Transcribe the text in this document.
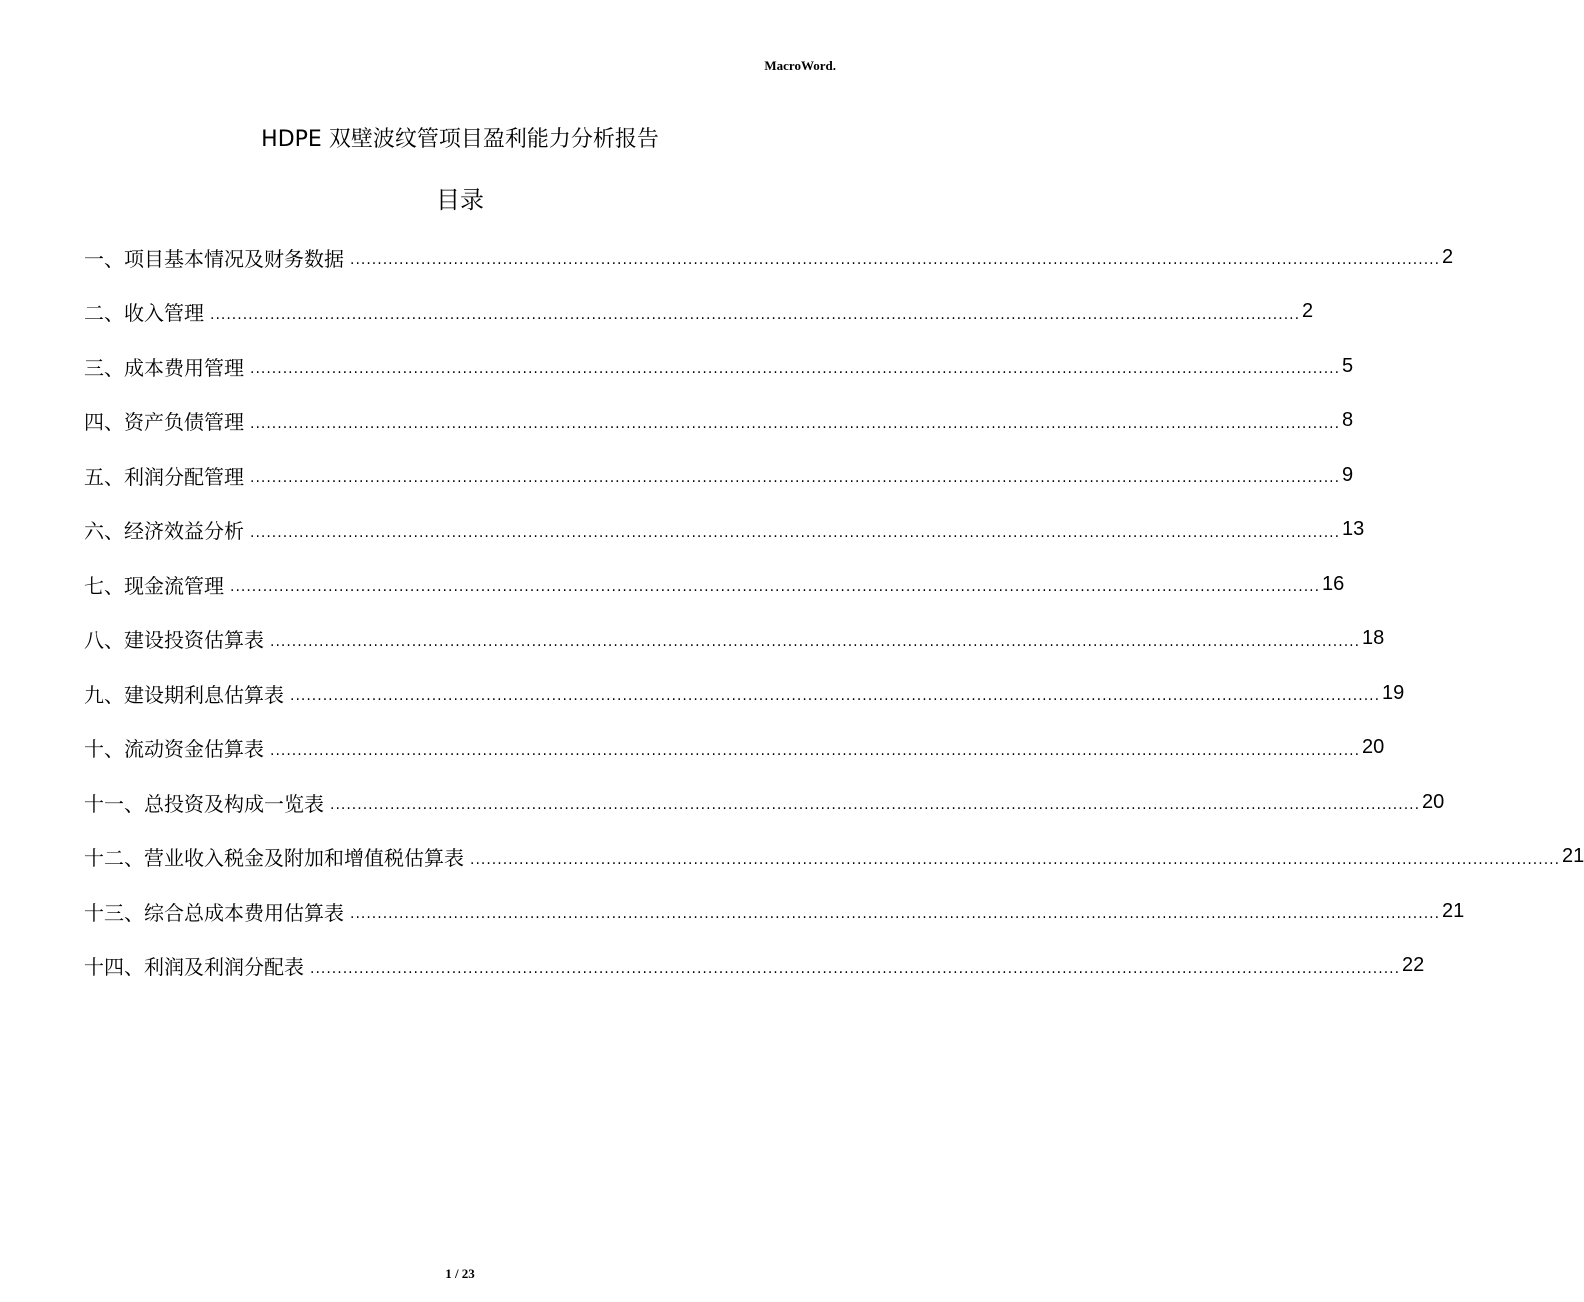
MacroWord.
HDPE 双壁波纹管项目盈利能力分析报告
目录
一、 项目基本情况及财务数据 ........................................................................................................................................................................................................ 2
二、 收入管理 ........................................................................................................................................................................................................ 2
三、 成本费用管理 ........................................................................................................................................................................................................ 5
四、 资产负债管理 ........................................................................................................................................................................................................ 8
五、 利润分配管理 ........................................................................................................................................................................................................ 9
六、 经济效益分析 ........................................................................................................................................................................................................ 13
七、 现金流管理 ........................................................................................................................................................................................................ 16
八、 建设投资估算表 ........................................................................................................................................................................................................ 18
九、 建设期利息估算表 ........................................................................................................................................................................................................ 19
十、 流动资金估算表 ........................................................................................................................................................................................................ 20
十一、 总投资及构成一览表 ........................................................................................................................................................................................................ 20
十二、 营业收入税金及附加和增值税估算表 ........................................................................................................................................................................................................ 21
十三、 综合总成本费用估算表 ........................................................................................................................................................................................................ 21
十四、 利润及利润分配表 ........................................................................................................................................................................................................ 22
1 / 23
